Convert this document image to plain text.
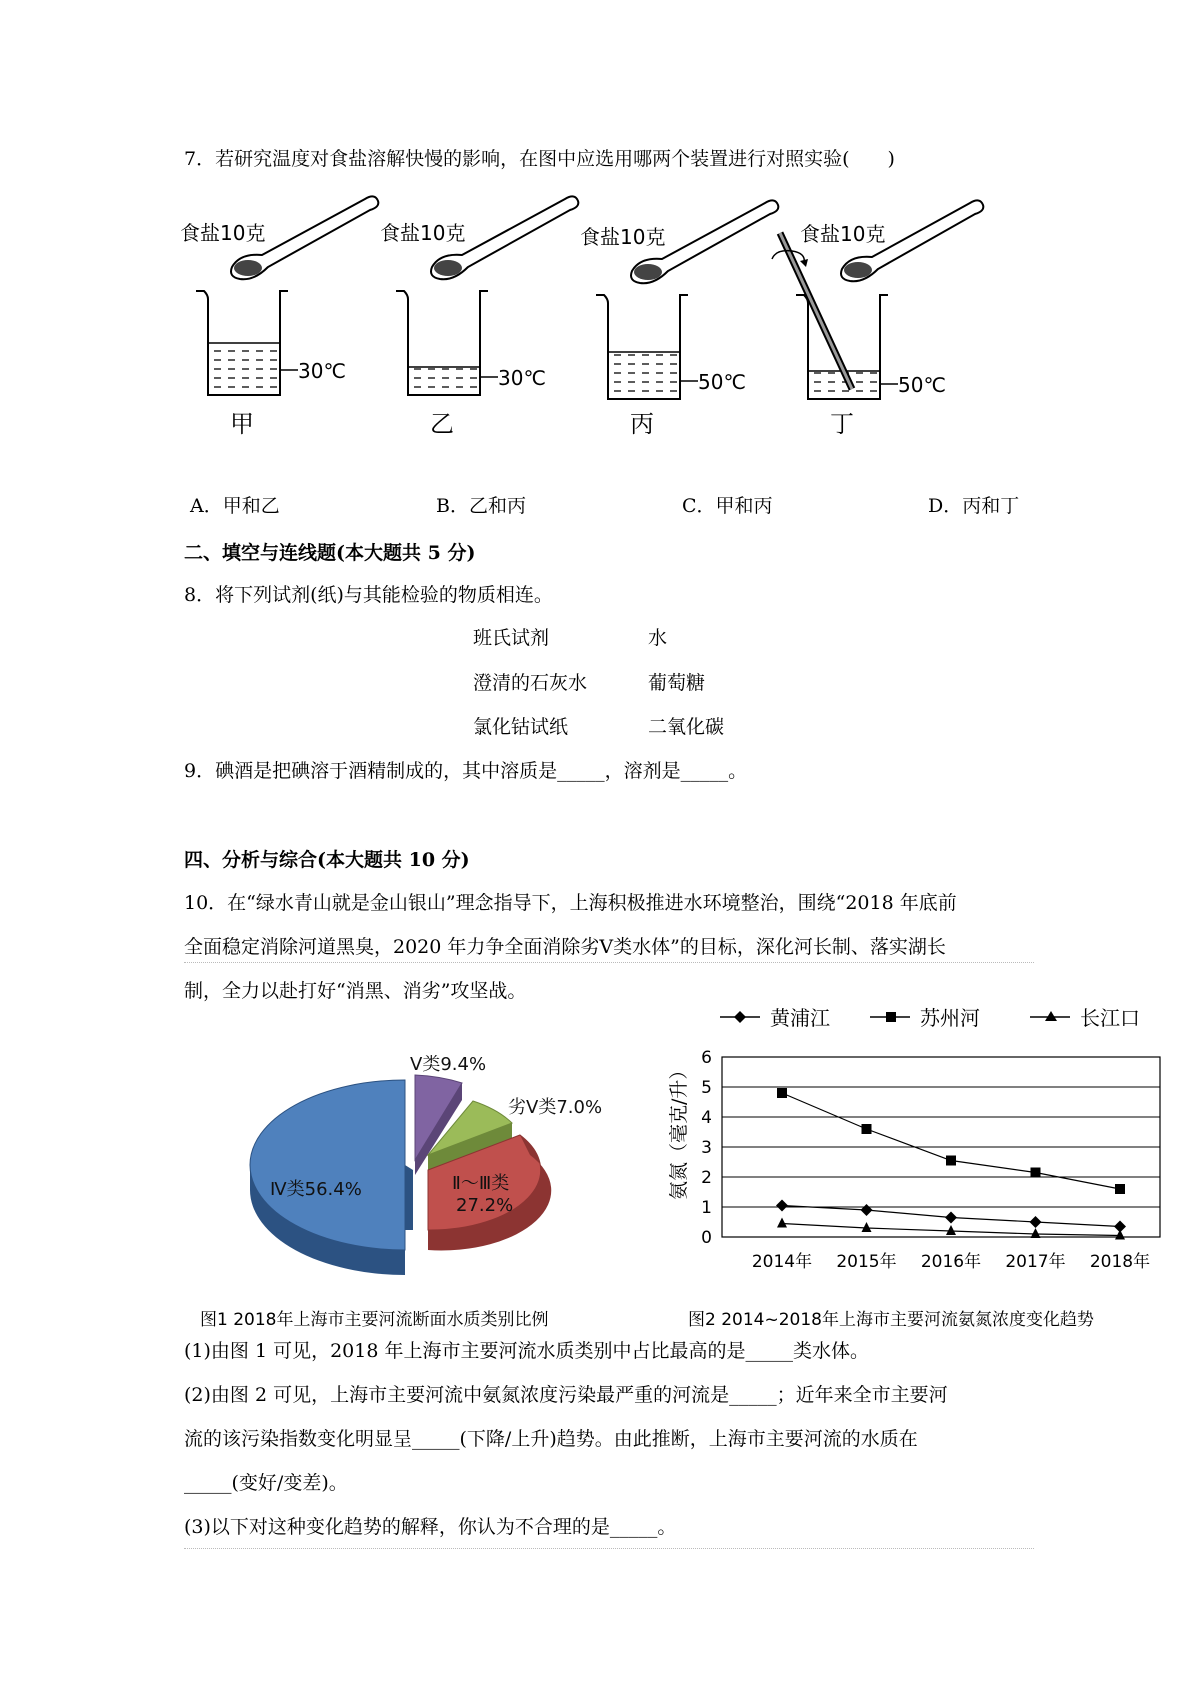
7．若研究温度对食盐溶解快慢的影响，在图中应选用哪两个装置进行对照实验(　　)
食盐10克
30℃
甲
食盐10克
30℃
乙
食盐10克
50℃
丙
食盐10克
50℃
丁
A．甲和乙	B．乙和丙	C．甲和丙	D．丙和丁
二、填空与连线题(本大题共 5 分)
8．将下列试剂(纸)与其能检验的物质相连。
班氏试剂
澄清的石灰水
氯化钴试纸
水
葡萄糖
二氧化碳
9．碘酒是把碘溶于酒精制成的，其中溶质是_____，溶剂是_____。
四、分析与综合(本大题共 10 分)
10．在“绿水青山就是金山银山”理念指导下，上海积极推进水环境整治，围绕“2018 年底前
全面稳定消除河道黑臭，2020 年力争全面消除劣Ⅴ类水体”的目标，深化河长制、落实湖长
制，全力以赴打好“消黑、消劣”攻坚战。
Ⅳ类56.4%
Ⅴ类9.4%
劣Ⅴ类7.0%
Ⅱ～Ⅲ类
27.2%
黄浦江	苏州河	长江口
氨氮（毫克/升）
0
1
2
3
4
5
6
2014年 2015年 2016年 2017年 2018年
图1 2018年上海市主要河流断面水质类别比例	图2 2014~2018年上海市主要河流氨氮浓度变化趋势
(1)由图 1 可见，2018 年上海市主要河流水质类别中占比最高的是_____类水体。
(2)由图 2 可见，上海市主要河流中氨氮浓度污染最严重的河流是_____；近年来全市主要河
流的该污染指数变化明显呈_____(下降/上升)趋势。由此推断，上海市主要河流的水质在
_____(变好/变差)。
(3)以下对这种变化趋势的解释，你认为不合理的是_____。
